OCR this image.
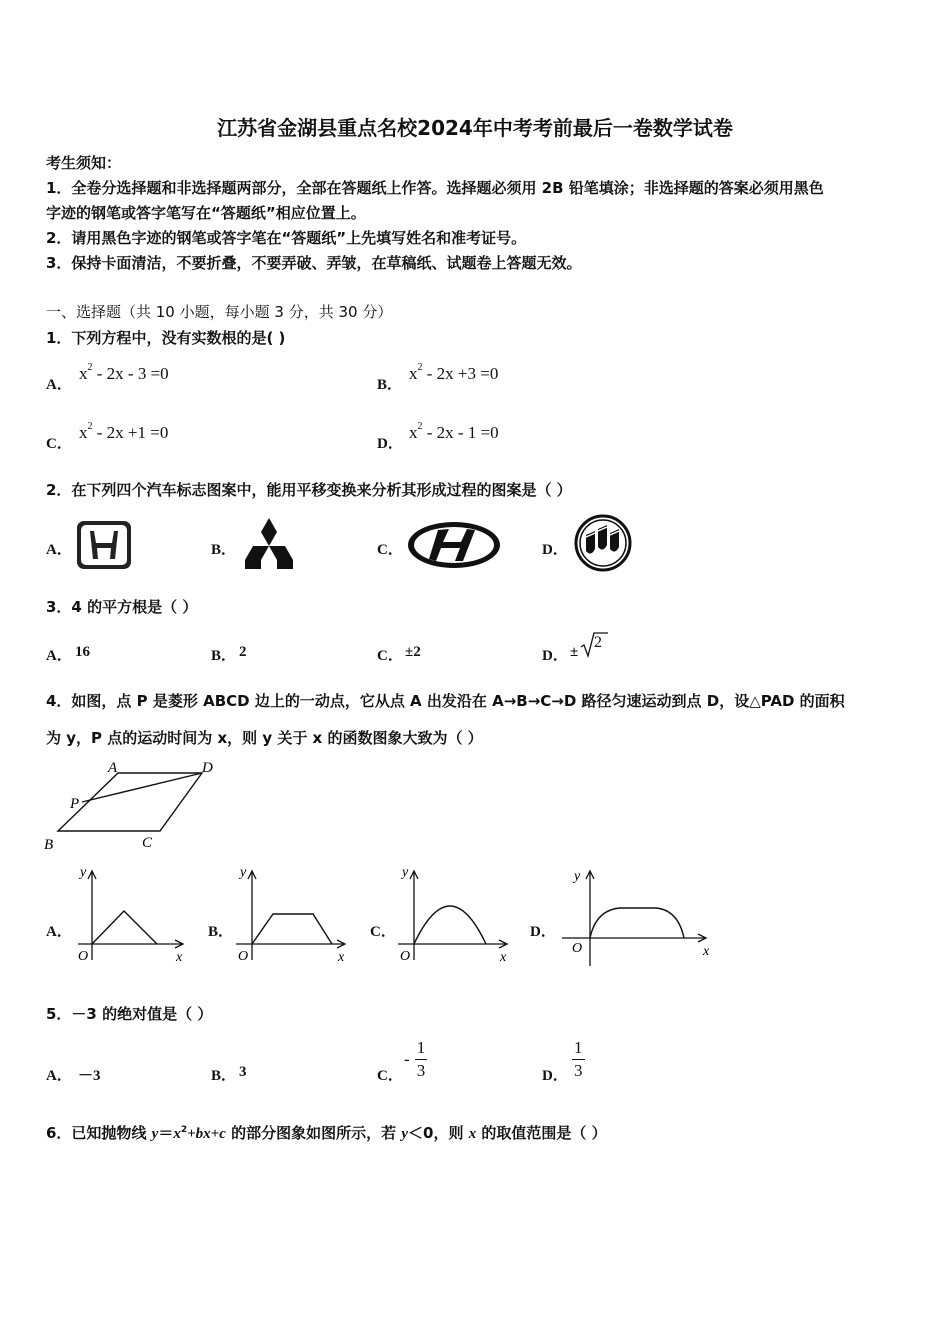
江苏省金湖县重点名校2024年中考考前最后一卷数学试卷
考生须知：
1．全卷分选择题和非选择题两部分，全部在答题纸上作答。选择题必须用 2B 铅笔填涂；非选择题的答案必须用黑色
字迹的钢笔或答字笔写在“答题纸”相应位置上。
2．请用黑色字迹的钢笔或答字笔在“答题纸”上先填写姓名和准考证号。
3．保持卡面清洁，不要折叠，不要弄破、弄皱，在草稿纸、试题卷上答题无效。
一、选择题（共 10 小题，每小题 3 分，共 30 分）
1．下列方程中，没有实数根的是( )
A．
$x^2 - 2x - 3 =0$
B．
$x^2 - 2x +3 =0$
C．
$x^2 - 2x +1 =0$
D．
$x^2 - 2x - 1 =0$
2．在下列四个汽车标志图案中，能用平移变换来分析其形成过程的图案是（ ）
A．	B．	C．	D．
3．4 的平方根是（ ）
A． 16	B． 2	C． ±2	D． ±
2
4．如图，点 P 是菱形 ABCD 边上的一动点，它从点 A 出发沿在 A→B→C→D 路径匀速运动到点 D，设△PAD 的面积
为 y，P 点的运动时间为 x，则 y 关于 x 的函数图象大致为（ ）
A	D
P
B	C
A．
y
O	x
B．
y
O	x
C．
y
O	x
D．
y
O	x
5．－3 的绝对值是（ ）
A． －3	B． 3	C．
- $\frac{1}{3}$	D． $\frac{1}{3}$
6．已知抛物线 $y=x^2+bx+c$ 的部分图象如图所示，若 y＜0，则 x 的取值范围是（ ）
